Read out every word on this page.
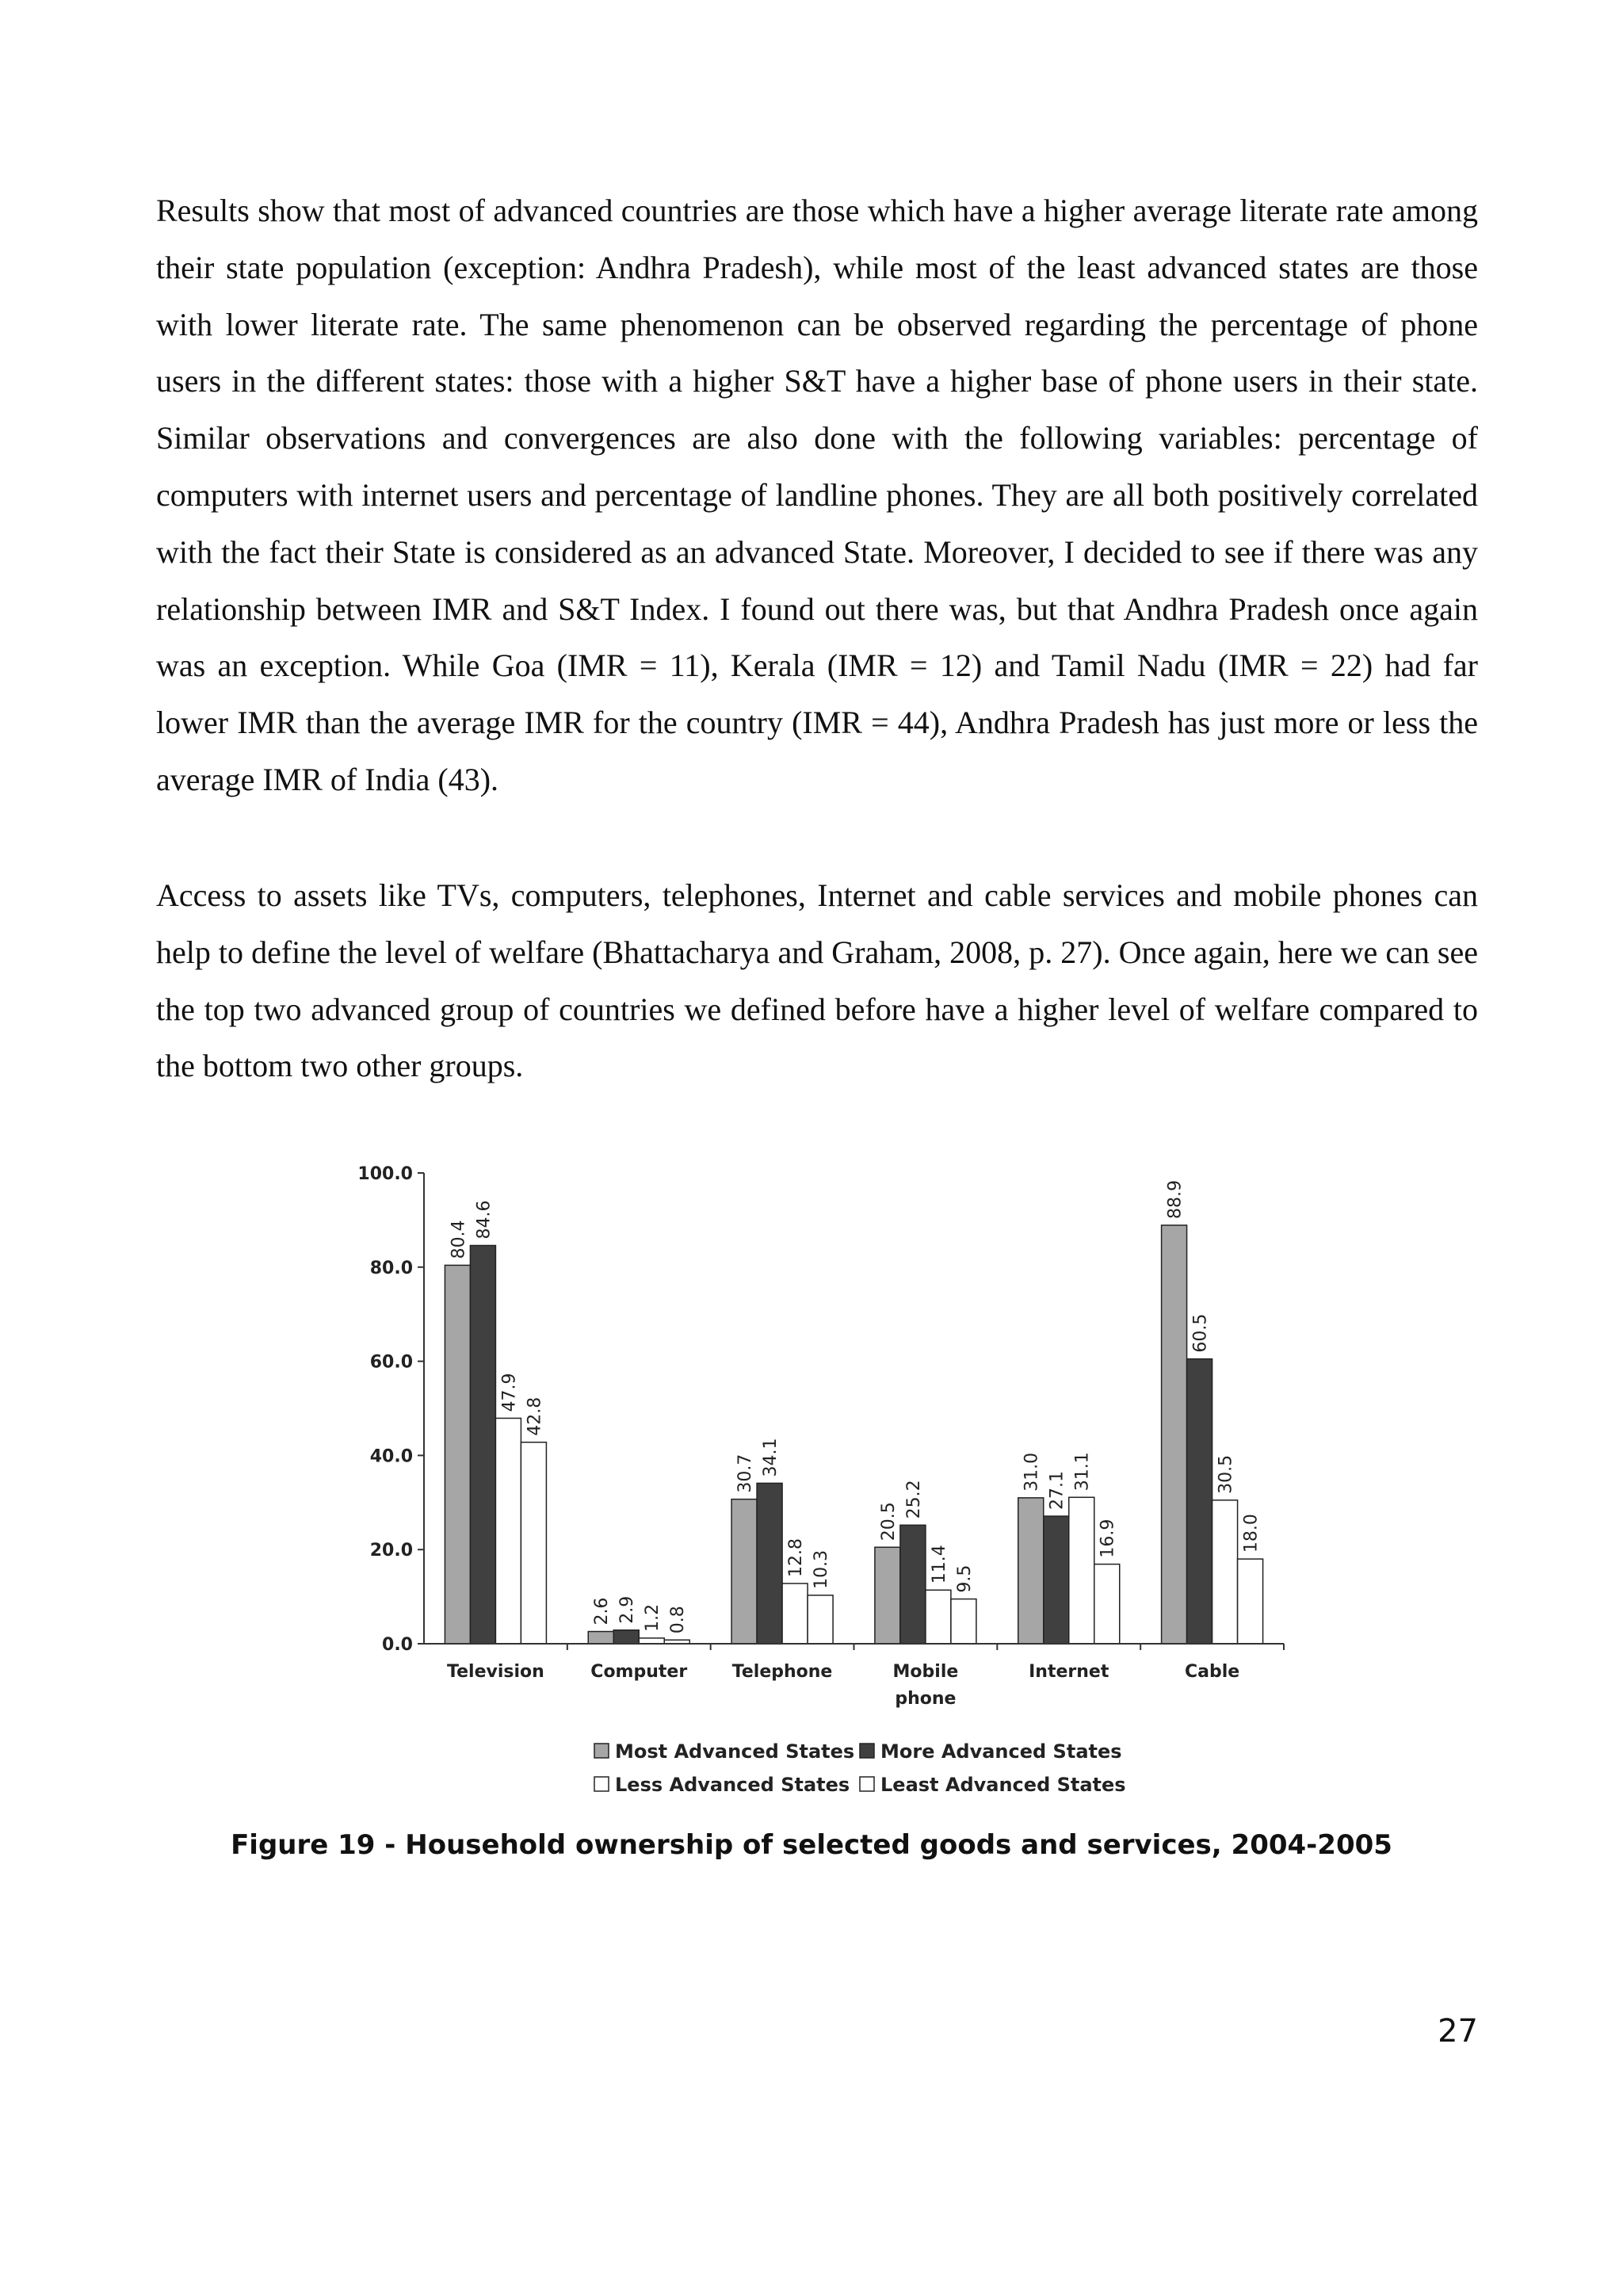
Results show that most of advanced countries are those which have a higher average literate rate among their state population (exception: Andhra Pradesh), while most of the least advanced states are those with lower literate rate. The same phenomenon can be observed regarding the percentage of phone users in the different states: those with a higher S&T have a higher base of phone users in their state. Similar observations and convergences are also done with the following variables: percentage of computers with internet users and percentage of landline phones. They are all both positively correlated with the fact their State is considered as an advanced State. Moreover, I decided to see if there was any relationship between IMR and S&T Index. I found out there was, but that Andhra Pradesh once again was an exception. While Goa (IMR = 11), Kerala (IMR = 12) and Tamil Nadu (IMR = 22) had far lower IMR than the average IMR for the country (IMR = 44), Andhra Pradesh has just more or less the average IMR of India (43).

Access to assets like TVs, computers, telephones, Internet and cable services and mobile phones can help to define the level of welfare (Bhattacharya and Graham, 2008, p. 27). Once again, here we can see the top two advanced group of countries we defined before have a higher level of welfare compared to the bottom two other groups.

0.0
20.0
40.0
60.0
80.0
100.0
80.4
84.6
47.9
42.8
2.6 2.9 1.2 0.8
30.7 34.1
12.8 10.3
20.5
25.2
11.4 9.5
31.0 27.1 31.1
16.9
88.9
60.5
30.5
18.0
Television	Computer	Telephone	Mobile phone
Internet	Cable
Most Advanced States More Advanced States
Less Advanced States Least Advanced States
Figure 19 - Household ownership of selected goods and services, 2004-2005
27
